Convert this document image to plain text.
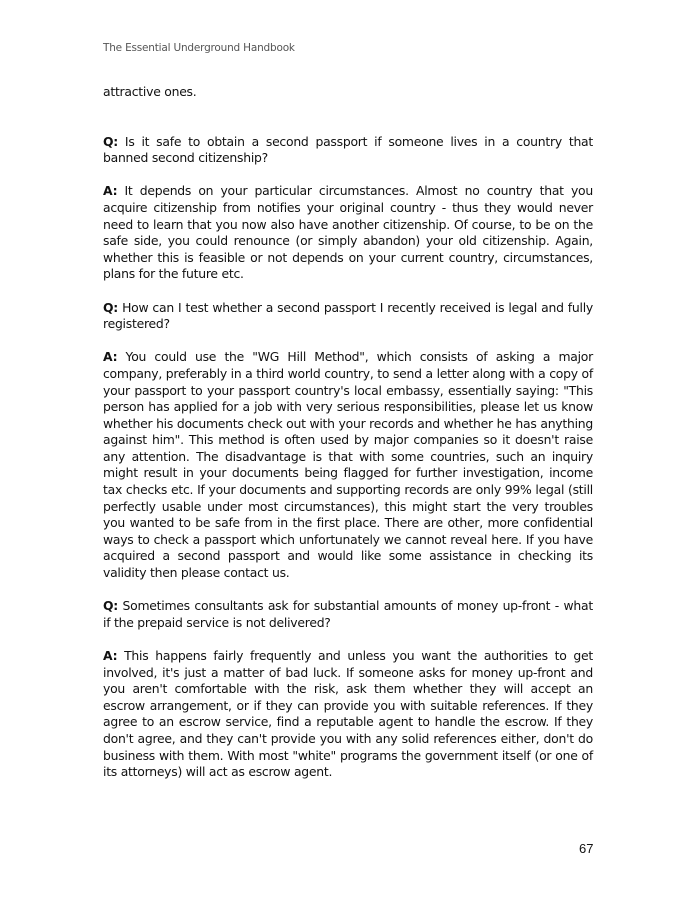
The Essential Underground Handbook

attractive ones.

Q: Is it safe to obtain a second passport if someone lives in a country that banned second citizenship?

A: It depends on your particular circumstances. Almost no country that you acquire citizenship from notifies your original country - thus they would never need to learn that you now also have another citizenship. Of course, to be on the safe side, you could renounce (or simply abandon) your old citizenship. Again, whether this is feasible or not depends on your current country, circumstances, plans for the future etc.

Q: How can I test whether a second passport I recently received is legal and fully registered?

A: You could use the "WG Hill Method", which consists of asking a major company, preferably in a third world country, to send a letter along with a copy of your passport to your passport country's local embassy, essentially saying: "This person has applied for a job with very serious responsibilities, please let us know whether his documents check out with your records and whether he has anything against him". This method is often used by major companies so it doesn't raise any attention. The disadvantage is that with some countries, such an inquiry might result in your documents being flagged for further investigation, income tax checks etc. If your documents and supporting records are only 99% legal (still perfectly usable under most circumstances), this might start the very troubles you wanted to be safe from in the first place. There are other, more confidential ways to check a passport which unfortunately we cannot reveal here. If you have acquired a second passport and would like some assistance in checking its validity then please contact us.

Q: Sometimes consultants ask for substantial amounts of money up-front - what if the prepaid service is not delivered?

A: This happens fairly frequently and unless you want the authorities to get involved, it's just a matter of bad luck. If someone asks for money up-front and you aren't comfortable with the risk, ask them whether they will accept an escrow arrangement, or if they can provide you with suitable references. If they agree to an escrow service, find a reputable agent to handle the escrow. If they don't agree, and they can't provide you with any solid references either, don't do business with them. With most "white" programs the government itself (or one of its attorneys) will act as escrow agent.

67
